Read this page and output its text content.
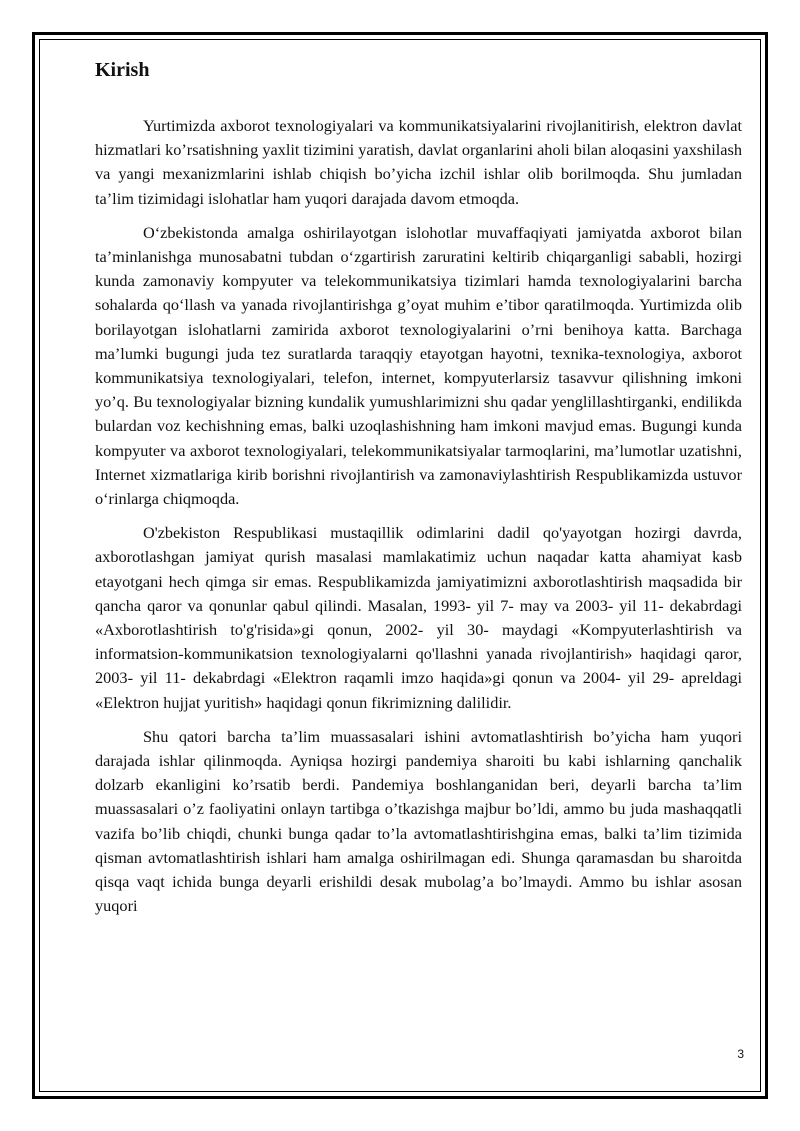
Kirish

Yurtimizda axborot texnologiyalari va kommunikatsiyalarini rivojlanitirish, elektron davlat hizmatlari ko’rsatishning yaxlit tizimini yaratish, davlat organlarini aholi bilan aloqasini yaxshilash va yangi mexanizmlarini ishlab chiqish bo’yicha izchil ishlar olib borilmoqda. Shu jumladan ta’lim tizimidagi islohatlar ham yuqori darajada davom etmoqda.

O‘zbekistonda amalga oshirilayotgan islohotlar muvaffaqiyati jamiyatda axborot bilan ta’minlanishga munosabatni tubdan o‘zgartirish zaruratini keltirib chiqarganligi sababli, hozirgi kunda zamonaviy kompyuter va telekommunikatsiya tizimlari hamda texnologiyalarini barcha sohalarda qo‘llash va yanada rivojlantirishga g’oyat muhim e’tibor qaratilmoqda. Yurtimizda olib borilayotgan islohatlarni zamirida axborot texnologiyalarini o’rni benihoya katta. Barchaga ma’lumki bugungi juda tez suratlarda taraqqiy etayotgan hayotni, texnika-texnologiya, axborot kommunikatsiya texnologiyalari, telefon, internet, kompyuterlarsiz tasavvur qilishning imkoni yo’q. Bu texnologiyalar bizning kundalik yumushlarimizni shu qadar yenglillashtirganki, endilikda bulardan voz kechishning emas, balki uzoqlashishning ham imkoni mavjud emas. Bugungi kunda kompyuter va axborot texnologiyalari, telekommunikatsiyalar tarmoqlarini, ma’lumotlar uzatishni, Internet xizmatlariga kirib borishni rivojlantirish va zamonaviylashtirish Respublikamizda ustuvor o‘rinlarga chiqmoqda.

O'zbekiston Respublikasi mustaqillik odimlarini dadil qo'yayotgan hozirgi davrda, axborotlashgan jamiyat qurish masalasi mamlakatimiz uchun naqadar katta ahamiyat kasb etayotgani hech qimga sir emas. Respublikamizda jamiyatimizni axborotlashtirish maqsadida bir qancha qaror va qonunlar qabul qilindi. Masalan, 1993- yil 7- may va 2003- yil 11- dekabrdagi «Axborotlashtirish to'g'risida»gi qonun, 2002- yil 30- maydagi «Kompyuterlashtirish va informatsion-kommunikatsion texnologiyalarni qo'llashni yanada rivojlantirish» haqidagi qaror, 2003- yil 11- dekabrdagi «Elektron raqamli imzo haqida»gi qonun va 2004- yil 29- apreldagi «Elektron hujjat yuritish» haqidagi qonun fikrimizning dalilidir.

Shu qatori barcha ta’lim muassasalari ishini avtomatlashtirish bo’yicha ham yuqori darajada ishlar qilinmoqda. Ayniqsa hozirgi pandemiya sharoiti bu kabi ishlarning qanchalik dolzarb ekanligini ko’rsatib berdi. Pandemiya boshlanganidan beri, deyarli barcha ta’lim muassasalari o’z faoliyatini onlayn tartibga o’tkazishga majbur bo’ldi, ammo bu juda mashaqqatli vazifa bo’lib chiqdi, chunki bunga qadar to’la avtomatlashtirishgina emas, balki ta’lim tizimida qisman avtomatlashtirish ishlari ham amalga oshirilmagan edi. Shunga qaramasdan bu sharoitda qisqa vaqt ichida bunga deyarli erishildi desak mubolag’a bo’lmaydi. Ammo bu ishlar asosan yuqori

3
